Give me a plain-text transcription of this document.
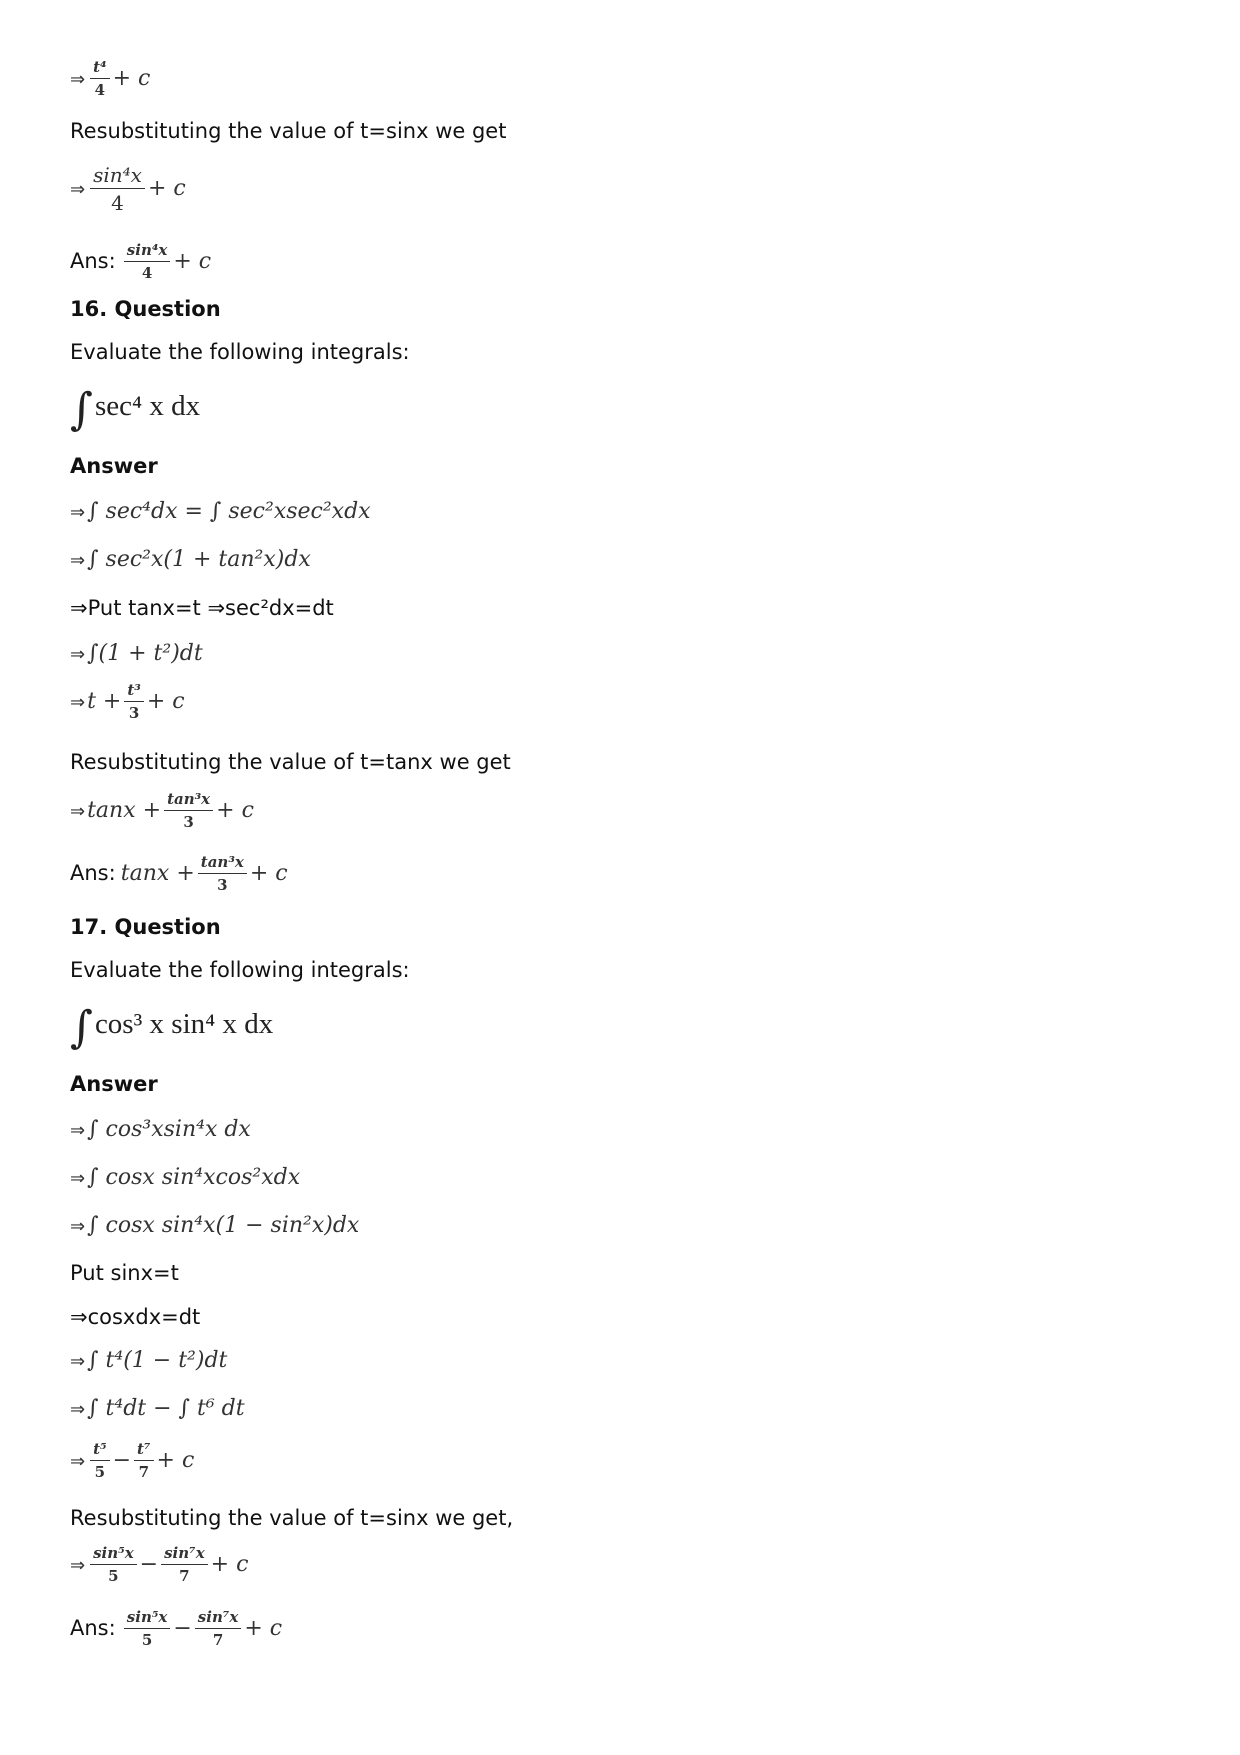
⇒ $\frac{\text{t⁴}}{4} + c$
Resubstituting the value of t=sinx we get
⇒ $\frac{\text{sin⁴x}}{4} + c$
Ans: $\frac{\text{sin⁴x}}{4} + c$
16. Question
Evaluate the following integrals:
∫sec⁴ x dx
Answer
⇒∫ sec⁴dx = ∫ sec²xsec²xdx
⇒∫ sec²x(1 + tan²x)dx
⇒Put tanx=t ⇒sec²dx=dt
⇒∫(1 + t²)dt
⇒t + $\frac{\text{t³}}{3} + c$
Resubstituting the value of t=tanx we get
⇒tanx + $\frac{\text{tan³x}}{3} + c$
Ans: $\tan x + \frac{\text{tan³x}}{3} + c$
17. Question
Evaluate the following integrals:
∫cos³ x sin⁴ x dx
Answer
⇒∫ cos³xsin⁴x dx
⇒∫ cosx sin⁴xcos²xdx
⇒∫ cosx sin⁴x(1 − sin²x)dx
Put sinx=t
⇒cosxdx=dt
⇒∫ t⁴(1 − t²)dt
⇒∫ t⁴dt − ∫ t⁶ dt
⇒ $\frac{\text{t⁵}}{5} - \frac{\text{t⁷}}{7} + c$
Resubstituting the value of t=sinx we get,
⇒ $\frac{\text{sin⁵x}}{5} - \frac{\text{sin⁷x}}{7} + c$
Ans: $\frac{\text{sin⁵x}}{5} - \frac{\text{sin⁷x}}{7} + c$
